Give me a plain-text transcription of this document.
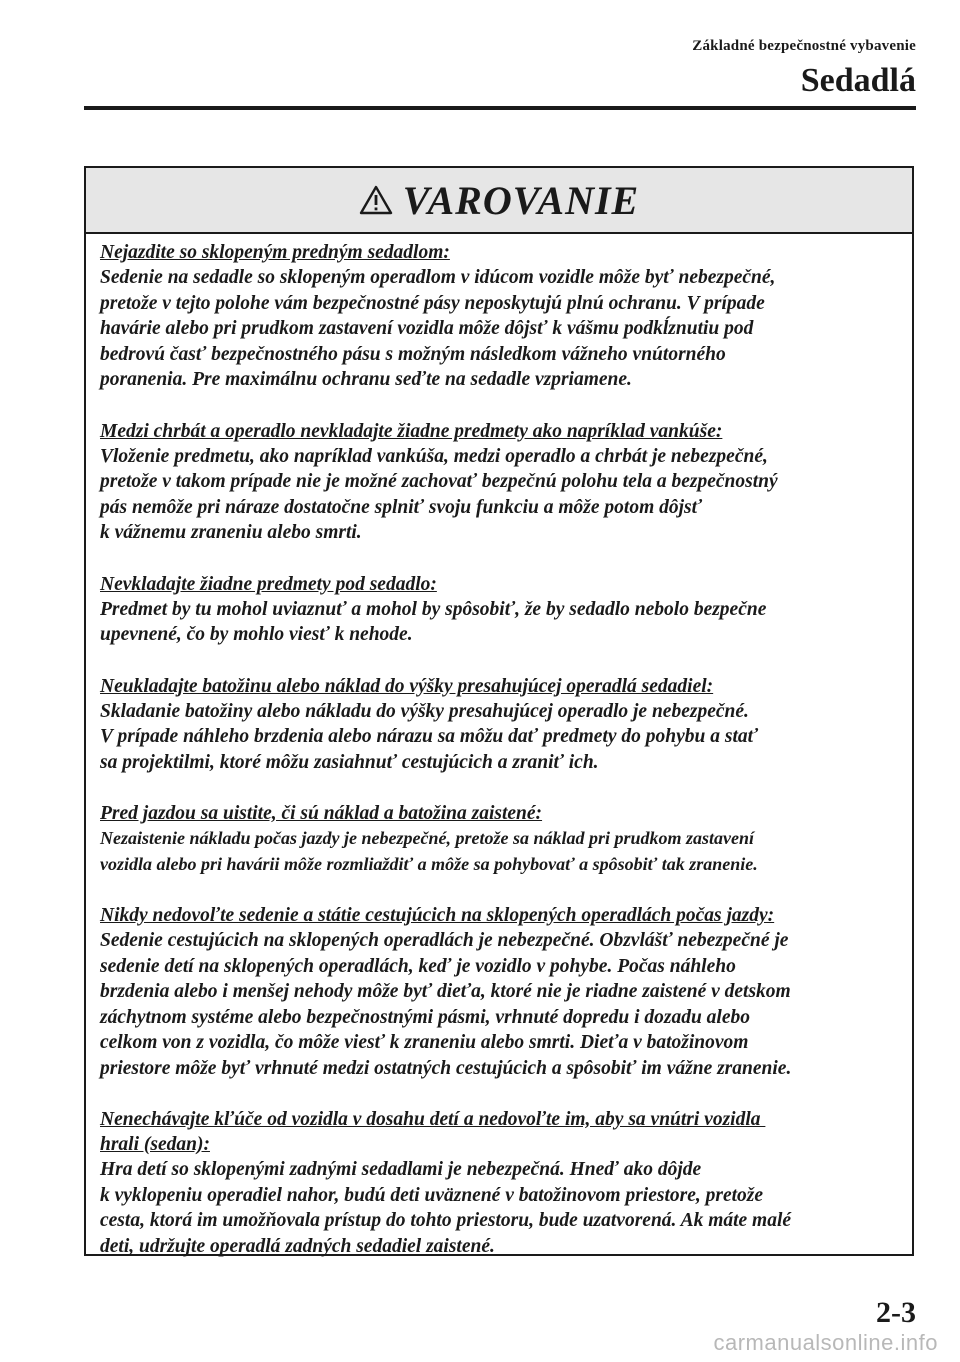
Základné bezpečnostné vybavenie
Sedadlá
VAROVANIE
Nejazdite so sklopeným predným sedadlom:
Sedenie na sedadle so sklopeným operadlom v idúcom vozidle môže byť nebezpečné,
pretože v tejto polohe vám bezpečnostné pásy neposkytujú plnú ochranu. V prípade
havárie alebo pri prudkom zastavení vozidla môže dôjsť k vášmu podkĺznutiu pod
bedrovú časť bezpečnostného pásu s možným následkom vážneho vnútorného
poranenia. Pre maximálnu ochranu seďte na sedadle vzpriamene.
Medzi chrbát a operadlo nevkladajte žiadne predmety ako napríklad vankúše:
Vloženie predmetu, ako napríklad vankúša, medzi operadlo a chrbát je nebezpečné,
pretože v takom prípade nie je možné zachovať bezpečnú polohu tela a bezpečnostný
pás nemôže pri náraze dostatočne splniť svoju funkciu a môže potom dôjsť
k vážnemu zraneniu alebo smrti.
Nevkladajte žiadne predmety pod sedadlo:
Predmet by tu mohol uviaznuť a mohol by spôsobiť, že by sedadlo nebolo bezpečne
upevnené, čo by mohlo viesť k nehode.
Neukladajte batožinu alebo náklad do výšky presahujúcej operadlá sedadiel:
Skladanie batožiny alebo nákladu do výšky presahujúcej operadlo je nebezpečné.
V prípade náhleho brzdenia alebo nárazu sa môžu dať predmety do pohybu a stať
sa projektilmi, ktoré môžu zasiahnuť cestujúcich a zraniť ich.
Pred jazdou sa uistite, či sú náklad a batožina zaistené:
Nezaistenie nákladu počas jazdy je nebezpečné, pretože sa náklad pri prudkom zastavení
vozidla alebo pri havárii môže rozmliaždiť a môže sa pohybovať a spôsobiť tak zranenie.
Nikdy nedovoľte sedenie a státie cestujúcich na sklopených operadlách počas jazdy:
Sedenie cestujúcich na sklopených operadlách je nebezpečné. Obzvlášť nebezpečné je
sedenie detí na sklopených operadlách, keď je vozidlo v pohybe. Počas náhleho
brzdenia alebo i menšej nehody môže byť dieťa, ktoré nie je riadne zaistené v detskom
záchytnom systéme alebo bezpečnostnými pásmi, vrhnuté dopredu i dozadu alebo
celkom von z vozidla, čo môže viesť k zraneniu alebo smrti. Dieťa v batožinovom
priestore môže byť vrhnuté medzi ostatných cestujúcich a spôsobiť im vážne zranenie.
Nenechávajte kľúče od vozidla v dosahu detí a nedovoľte im, aby sa vnútri vozidla
hrali (sedan):
Hra detí so sklopenými zadnými sedadlami je nebezpečná. Hneď ako dôjde
k vyklopeniu operadiel nahor, budú deti uväznené v batožinovom priestore, pretože
cesta, ktorá im umožňovala prístup do tohto priestoru, bude uzatvorená. Ak máte malé
deti, udržujte operadlá zadných sedadiel zaistené.
2-3
carmanualsonline.info
